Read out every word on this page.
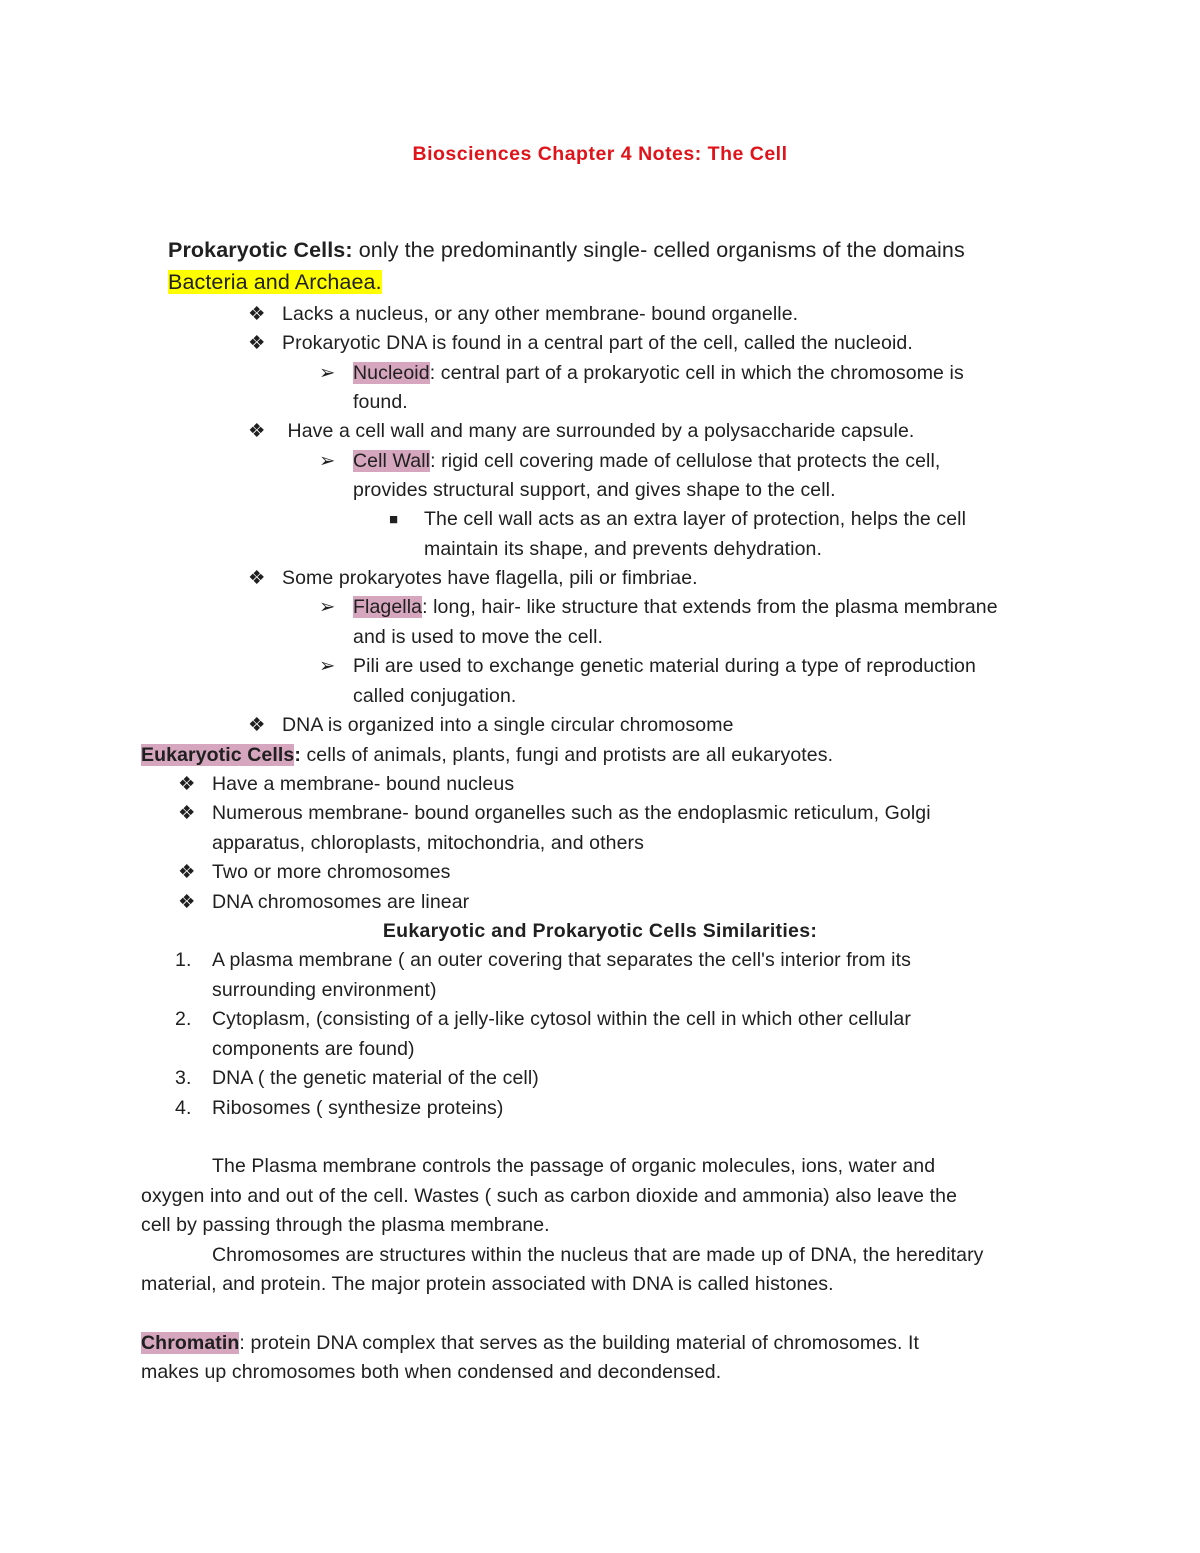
Biosciences Chapter 4 Notes: The Cell
Prokaryotic Cells: only the predominantly single- celled organisms of the domains
Bacteria and Archaea.
❖ Lacks a nucleus, or any other membrane- bound organelle.
❖ Prokaryotic DNA is found in a central part of the cell, called the nucleoid.
➢ Nucleoid: central part of a prokaryotic cell in which the chromosome is
found.
❖ Have a cell wall and many are surrounded by a polysaccharide capsule.
➢ Cell Wall: rigid cell covering made of cellulose that protects the cell,
provides structural support, and gives shape to the cell.
■ The cell wall acts as an extra layer of protection, helps the cell
maintain its shape, and prevents dehydration.
❖ Some prokaryotes have flagella, pili or fimbriae.
➢ Flagella: long, hair- like structure that extends from the plasma membrane
and is used to move the cell.
➢ Pili are used to exchange genetic material during a type of reproduction
called conjugation.
❖ DNA is organized into a single circular chromosome
Eukaryotic Cells: cells of animals, plants, fungi and protists are all eukaryotes.
❖ Have a membrane- bound nucleus
❖ Numerous membrane- bound organelles such as the endoplasmic reticulum, Golgi
apparatus, chloroplasts, mitochondria, and others
❖ Two or more chromosomes
❖ DNA chromosomes are linear
Eukaryotic and Prokaryotic Cells Similarities:
1. A plasma membrane ( an outer covering that separates the cell's interior from its
surrounding environment)
2. Cytoplasm, (consisting of a jelly-like cytosol within the cell in which other cellular
components are found)
3. DNA ( the genetic material of the cell)
4. Ribosomes ( synthesize proteins)
The Plasma membrane controls the passage of organic molecules, ions, water and
oxygen into and out of the cell. Wastes ( such as carbon dioxide and ammonia) also leave the
cell by passing through the plasma membrane.
Chromosomes are structures within the nucleus that are made up of DNA, the hereditary
material, and protein. The major protein associated with DNA is called histones.
Chromatin: protein DNA complex that serves as the building material of chromosomes. It
makes up chromosomes both when condensed and decondensed.
